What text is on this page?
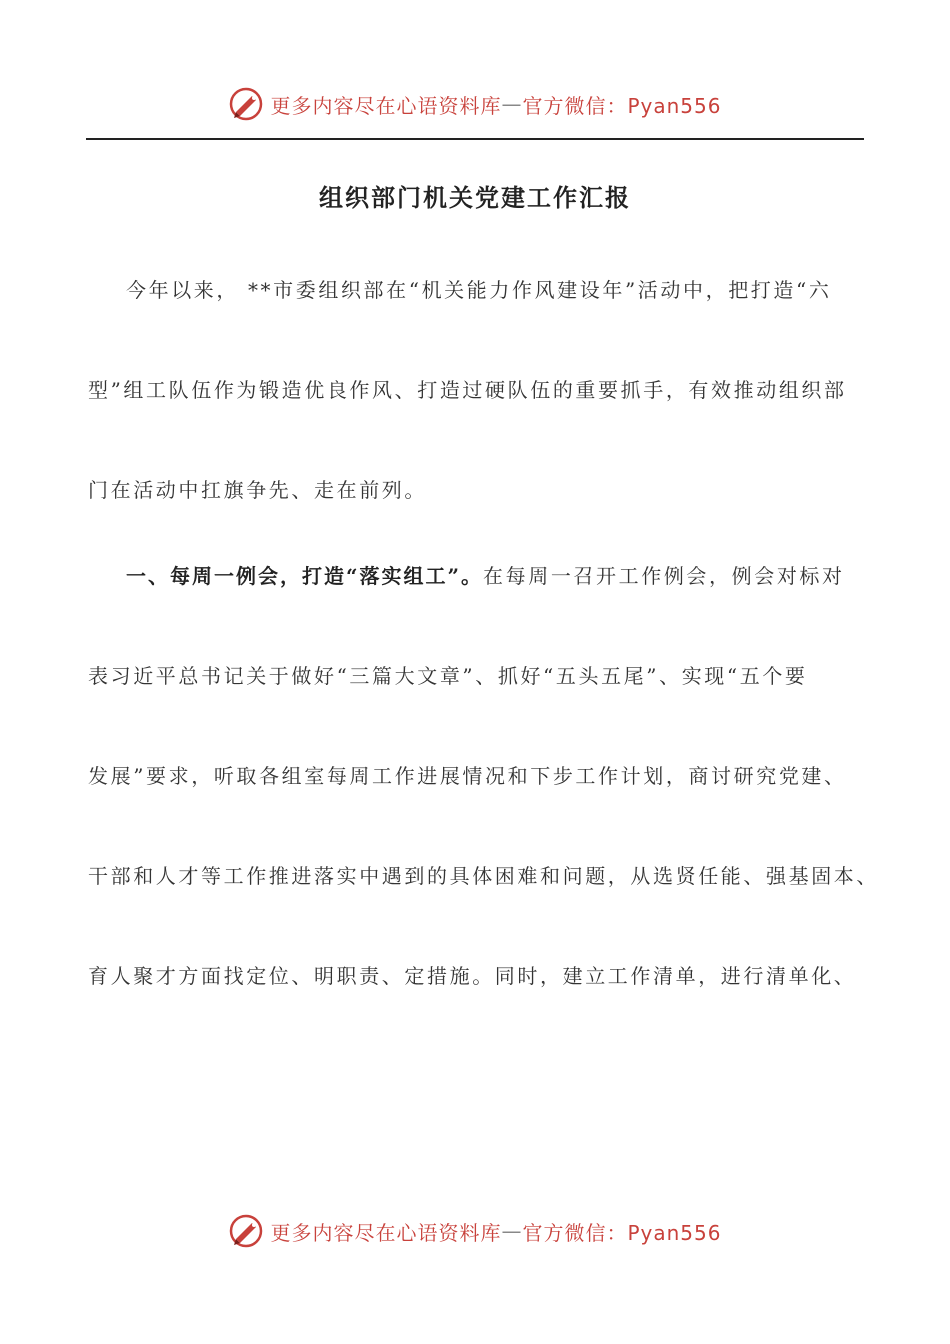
更多内容尽在心语资料库 — 官方微信：Pyan556
组织部门机关党建工作汇报
今年以来， **市委组织部在“机关能力作风建设年”活动中，把打造“六
型”组工队伍作为锻造优良作风、打造过硬队伍的重要抓手，有效推动组织部
门在活动中扛旗争先、走在前列。
一、每周一例会，打造“落实组工”。在每周一召开工作例会，例会对标对
表习近平总书记关于做好“三篇大文章”、抓好“五头五尾”、实现“五个要
发展”要求，听取各组室每周工作进展情况和下步工作计划，商讨研究党建、
干部和人才等工作推进落实中遇到的具体困难和问题，从选贤任能、强基固本、
育人聚才方面找定位、明职责、定措施。同时，建立工作清单，进行清单化、
更多内容尽在心语资料库 — 官方微信：Pyan556
